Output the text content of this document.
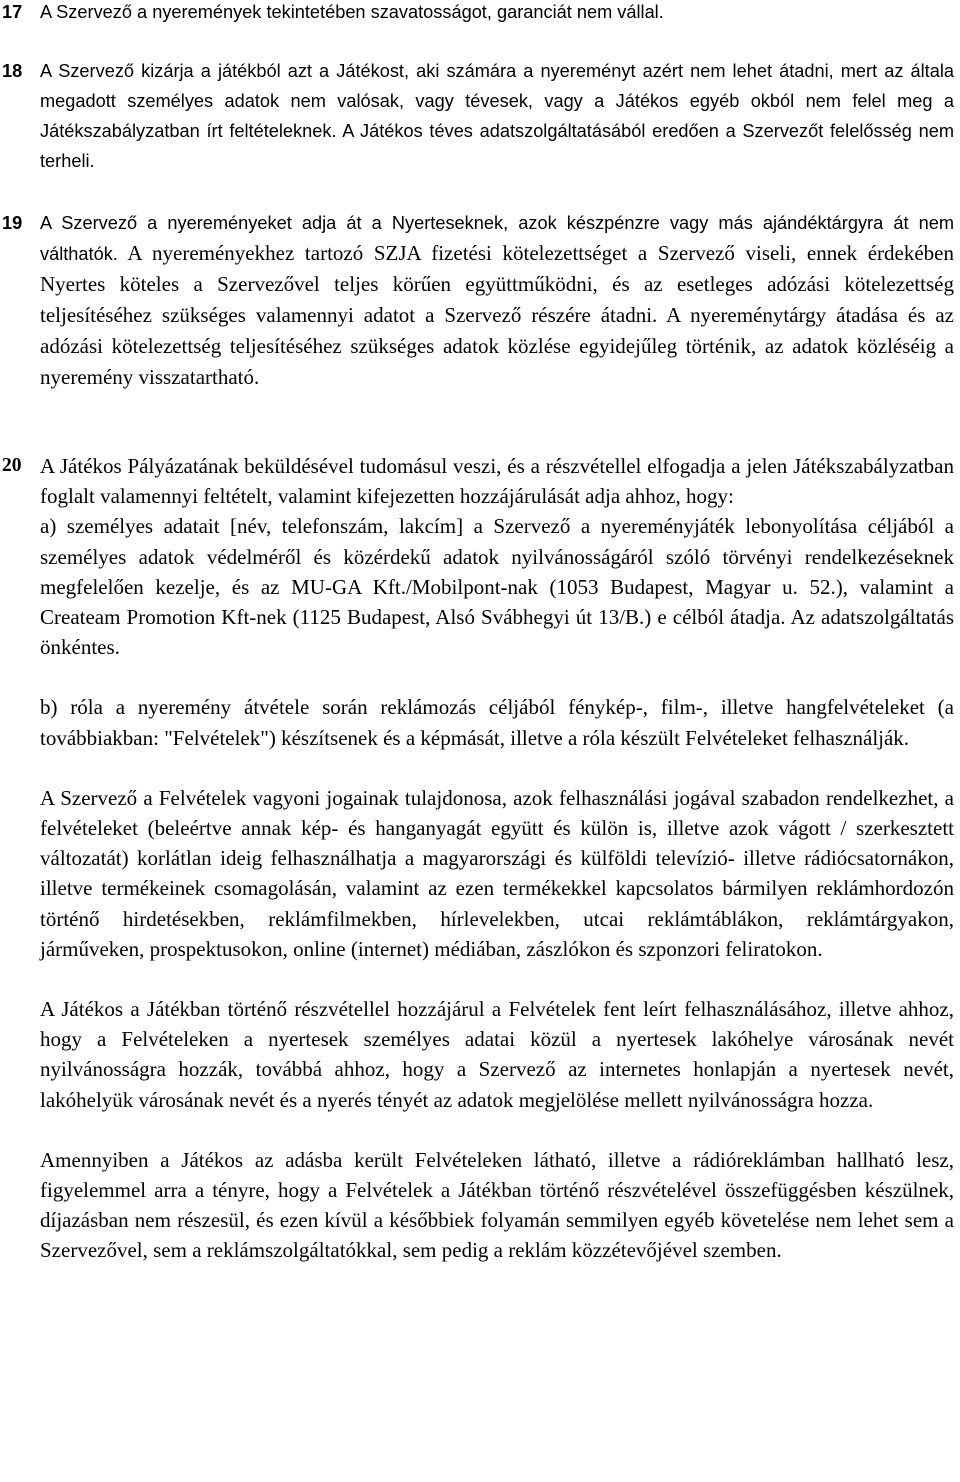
17 A Szervező a nyeremények tekintetében szavatosságot, garanciát nem vállal.

18 A Szervező kizárja a játékból azt a Játékost, aki számára a nyereményt azért nem lehet átadni, mert az általa megadott személyes adatok nem valósak, vagy tévesek, vagy a Játékos egyéb okból nem felel meg a Játékszabályzatban írt feltételeknek. A Játékos téves adatszolgáltatásából eredően a Szervezőt felelősség nem terheli.

19 A Szervező a nyereményeket adja át a Nyerteseknek, azok készpénzre vagy más ajándéktárgyra át nem válthatók. A nyereményekhez tartozó SZJA fizetési kötelezettséget a Szervező viseli, ennek érdekében Nyertes köteles a Szervezővel teljes körűen együttműködni, és az esetleges adózási kötelezettség teljesítéséhez szükséges valamennyi adatot a Szervező részére átadni. A nyereménytárgy átadása és az adózási kötelezettség teljesítéséhez szükséges adatok közlése egyidejűleg történik, az adatok közléséig a nyeremény visszatartható.

20 A Játékos Pályázatának beküldésével tudomásul veszi, és a részvétellel elfogadja a jelen Játékszabályzatban foglalt valamennyi feltételt, valamint kifejezetten hozzájárulását adja ahhoz, hogy:

a) személyes adatait [név, telefonszám, lakcím] a Szervező a nyereményjáték lebonyolítása céljából a személyes adatok védelméről és közérdekű adatok nyilvánosságáról szóló törvényi rendelkezéseknek megfelelően kezelje, és az MU-GA Kft./Mobilpont-nak (1053 Budapest, Magyar u. 52.), valamint a Createam Promotion Kft-nek (1125 Budapest, Alsó Svábhegyi út 13/B.) e célból átadja. Az adatszolgáltatás önkéntes.

b) róla a nyeremény átvétele során reklámozás céljából fénykép-, film-, illetve hangfelvételeket (a továbbiakban: "Felvételek") készítsenek és a képmását, illetve a róla készült Felvételeket felhasználják.

A Szervező a Felvételek vagyoni jogainak tulajdonosa, azok felhasználási jogával szabadon rendelkezhet, a felvételeket (beleértve annak kép- és hanganyagát együtt és külön is, illetve azok vágott / szerkesztett változatát) korlátlan ideig felhasználhatja a magyarországi és külföldi televízió- illetve rádiócsatornákon, illetve termékeinek csomagolásán, valamint az ezen termékekkel kapcsolatos bármilyen reklámhordozón történő hirdetésekben, reklámfilmekben, hírlevelekben, utcai reklámtáblákon, reklámtárgyakon, járműveken, prospektusokon, online (internet) médiában, zászlókon és szponzori feliratokon.

A Játékos a Játékban történő részvétellel hozzájárul a Felvételek fent leírt felhasználásához, illetve ahhoz, hogy a Felvételeken a nyertesek személyes adatai közül a nyertesek lakóhelye városának nevét nyilvánosságra hozzák, továbbá ahhoz, hogy a Szervező az internetes honlapján a nyertesek nevét, lakóhelyük városának nevét és a nyerés tényét az adatok megjelölése mellett nyilvánosságra hozza.

Amennyiben a Játékos az adásba került Felvételeken látható, illetve a rádióreklámban hallható lesz, figyelemmel arra a tényre, hogy a Felvételek a Játékban történő részvételével összefüggésben készülnek, díjazásban nem részesül, és ezen kívül a későbbiek folyamán semmilyen egyéb követelése nem lehet sem a Szervezővel, sem a reklámszolgáltatókkal, sem pedig a reklám közzétevőjével szemben.
